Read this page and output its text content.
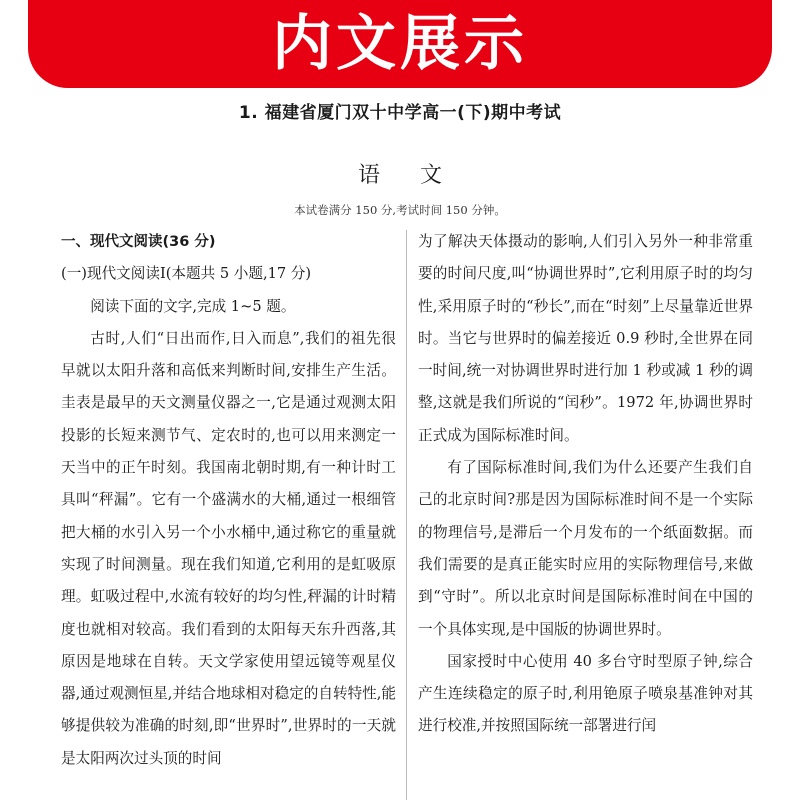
内文展示
1. 福建省厦门双十中学高一(下)期中考试
语文
本试卷满分 150 分,考试时间 150 分钟。

一、现代文阅读(36 分)

(一)现代文阅读Ⅰ(本题共 5 小题,17 分)

阅读下面的文字,完成 1~5 题。

古时,人们“日出而作,日入而息”,我们的祖先很早就以太阳升落和高低来判断时间,安排生产生活。圭表是最早的天文测量仪器之一,它是通过观测太阳投影的长短来测节气、定农时的,也可以用来测定一天当中的正午时刻。我国南北朝时期,有一种计时工具叫“秤漏”。它有一个盛满水的大桶,通过一根细管把大桶的水引入另一个小水桶中,通过称它的重量就实现了时间测量。现在我们知道,它利用的是虹吸原理。虹吸过程中,水流有较好的均匀性,秤漏的计时精度也就相对较高。我们看到的太阳每天东升西落,其原因是地球在自转。天文学家使用望远镜等观星仪器,通过观测恒星,并结合地球相对稳定的自转特性,能够提供较为准确的时刻,即“世界时”,世界时的一天就是太阳两次过头顶的时间

为了解决天体摄动的影响,人们引入另外一种非常重要的时间尺度,叫“协调世界时”,它利用原子时的均匀性,采用原子时的“秒长”,而在“时刻”上尽量靠近世界时。当它与世界时的偏差接近 0.9 秒时,全世界在同一时间,统一对协调世界时进行加 1 秒或减 1 秒的调整,这就是我们所说的“闰秒”。1972 年,协调世界时正式成为国际标准时间。

有了国际标准时间,我们为什么还要产生我们自己的北京时间?那是因为国际标准时间不是一个实际的物理信号,是滞后一个月发布的一个纸面数据。而我们需要的是真正能实时应用的实际物理信号,来做到“守时”。所以北京时间是国际标准时间在中国的一个具体实现,是中国版的协调世界时。

国家授时中心使用 40 多台守时型原子钟,综合产生连续稳定的原子时,利用铯原子喷泉基准钟对其进行校准,并按照国际统一部署进行闰
